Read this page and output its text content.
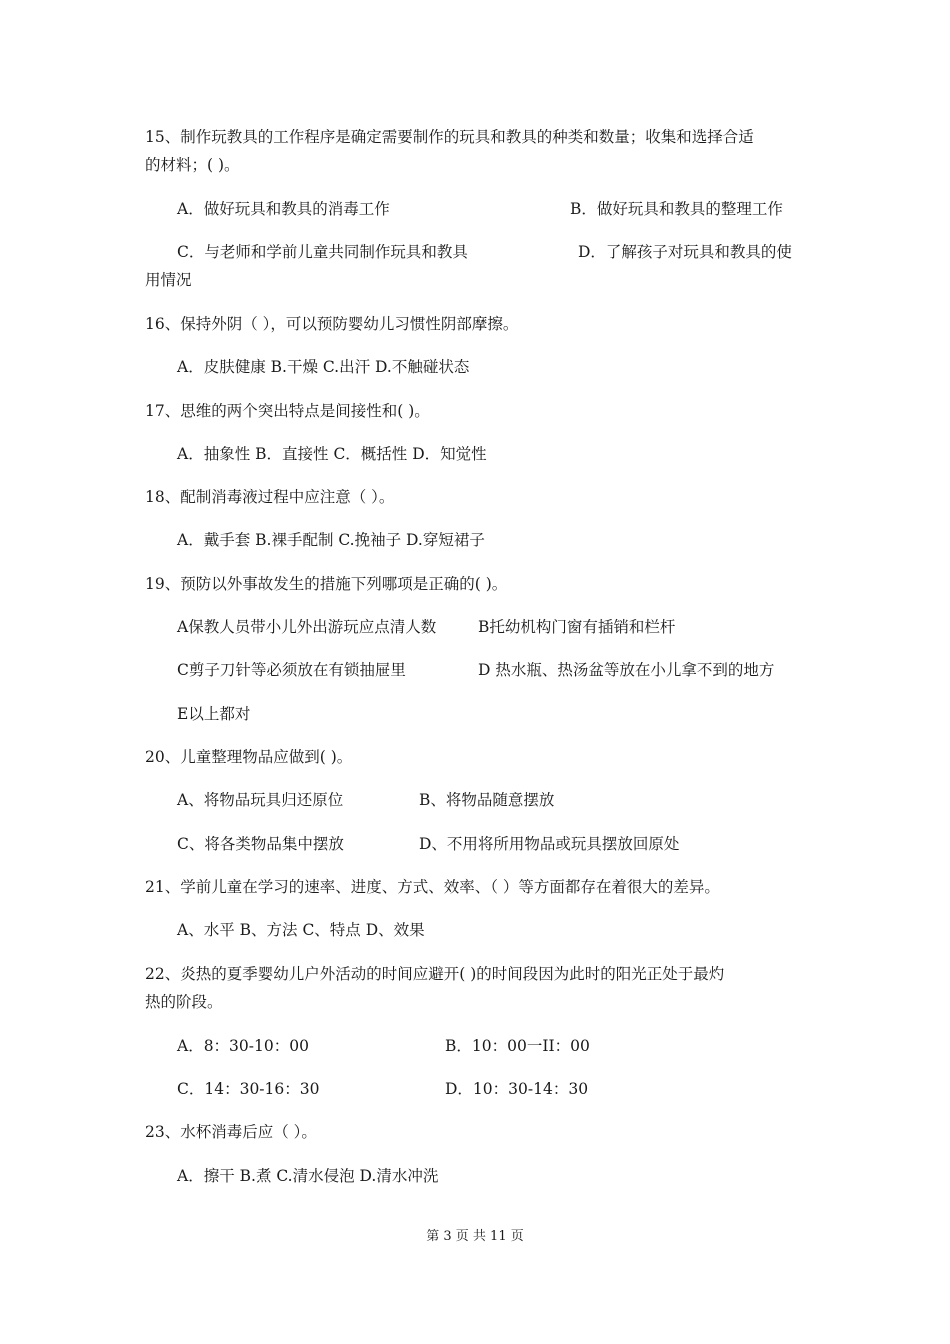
15、制作玩教具的工作程序是确定需要制作的玩具和教具的种类和数量；收集和选择合适
的材料；( )。
A．做好玩具和教具的消毒工作	B．做好玩具和教具的整理工作
C．与老师和学前儿童共同制作玩具和教具	D．了解孩子对玩具和教具的使
用情况
16、保持外阴（ ），可以预防婴幼儿习惯性阴部摩擦。
A．皮肤健康 B.干燥 C.出汗 D.不触碰状态
17、思维的两个突出特点是间接性和( )。
A．抽象性 B．直接性 C．概括性 D．知觉性
18、配制消毒液过程中应注意（ ）。
A．戴手套 B.裸手配制 C.挽袖子 D.穿短裙子
19、预防以外事故发生的措施下列哪项是正确的( )。
A保教人员带小儿外出游玩应点清人数	B托幼机构门窗有插销和栏杆
C剪子刀针等必须放在有锁抽屉里	D 热水瓶、热汤盆等放在小儿拿不到的地方
E以上都对
20、儿童整理物品应做到( )。
A、将物品玩具归还原位	B、将物品随意摆放
C、将各类物品集中摆放	D、不用将所用物品或玩具摆放回原处
21、学前儿童在学习的速率、进度、方式、效率、（ ）等方面都存在着很大的差异。
A、水平 B、方法 C、特点 D、效果
22、炎热的夏季婴幼儿户外活动的时间应避开( )的时间段因为此时的阳光正处于最灼
热的阶段。
A．8：30-10：00	B．10：00一II：00
C．14：30-16：30	D．10：30-14：30
23、水杯消毒后应（ ）。
A．擦干 B.煮 C.清水侵泡 D.清水冲洗
第 3 页 共 11 页
